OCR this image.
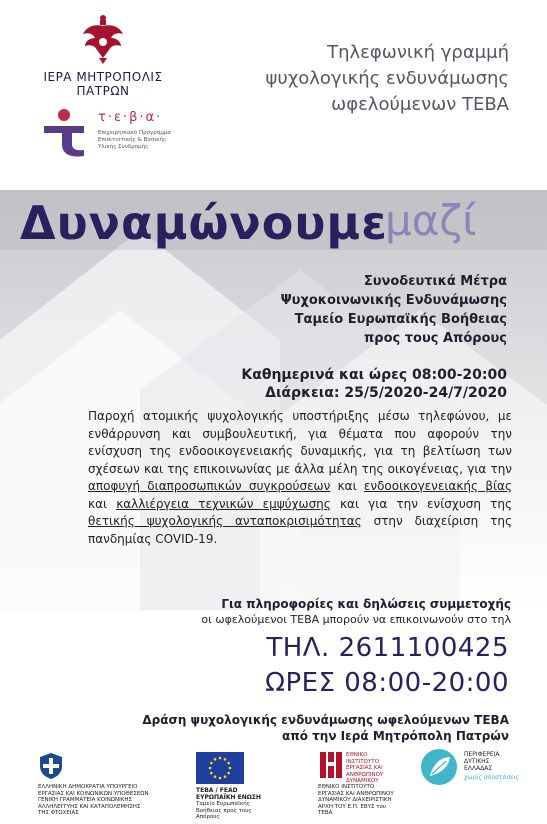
ΙΕΡΑ ΜΗΤΡΟΠΟΛΙΣ
ΠΑΤΡΩΝ
τ·ε·β·α·
Επιχειρησιακό Πρόγραμμα Επισιτιστικής & Βασικής Υλικής Συνδρομής
Τηλεφωνική γραμμή
ψυχολογικής ενδυνάμωσης
ωφελούμενων ΤΕΒΑ
Δυναμώνουμε
μαζί
Συνοδευτικά Μέτρα
Ψυχοκοινωνικής Ενδυνάμωσης
Ταμείο Ευρωπαϊκής Βοήθειας
προς τους Απόρους
Καθημερινά και ώρες 08:00-20:00
Διάρκεια: 25/5/2020-24/7/2020
Παροχή ατομικής ψυχολογικής υποστήριξης μέσω τηλεφώνου, με ενθάρρυνση και συμβουλευτική, για θέματα που αφορούν την ενίσχυση της ενδοοικογενειακής δυναμικής, για τη βελτίωση των σχέσεων και της επικοινωνίας με άλλα μέλη της οικογένειας, για την αποφυγή διαπροσωπικών συγκρούσεων και ενδοοικογενειακής βίας και καλλιέργεια τεχνικών εμψύχωσης και για την ενίσχυση της θετικής ψυχολογικής ανταποκρισιμότητας στην διαχείριση της πανδημίας COVID-19.
Για πληροφορίες και δηλώσεις συμμετοχής
οι ωφελούμενοι ΤΕΒΑ μπορούν να επικοινωνούν στο τηλ
ΤΗΛ. 2611100425
ΩΡΕΣ 08:00-20:00
Δράση ψυχολογικής ενδυνάμωσης ωφελούμενων ΤΕΒΑ
από την Ιερά Μητρόπολη Πατρών
ΕΛΛΗΝΙΚΗ ΔΗΜΟΚΡΑΤΙΑ ΥΠΟΥΡΓΕΙΟ ΕΡΓΑΣΙΑΣ ΚΑΙ ΚΟΙΝΩΝΙΚΩΝ ΥΠΟΘΕΣΕΩΝ ΓΕΝΙΚΗ ΓΡΑΜΜΑΤΕΙΑ ΚΟΙΝΩΝΙΚΗΣ ΑΛΛΗΛΕΓΓΥΗΣ ΚΑΙ ΚΑΤΑΠΟΛΕΜΗΣΗΣ ΤΗΣ ΦΤΩΧΕΙΑΣ
TEBA / FEAD
ΕΥΡΩΠΑΪΚΗ ΕΝΩΣΗ
Ταμείο Ευρωπαϊκής Βοήθειας προς τους Απόρους
ΕΘΝΙΚΟ ΙΝΣΤΙΤΟΥΤΟ ΕΡΓΑΣΙΑΣ ΚΑΙ ΑΝΘΡΩΠΙΝΟΥ ΔΥΝΑΜΙΚΟΥ
ΕΘΝΙΚΟ ΙΝΣΤΙΤΟΥΤΟ ΕΡΓΑΣΙΑΣ ΚΑΙ ΑΝΘΡΩΠΙΝΟΥ ΔΥΝΑΜΙΚΟΥ ΔΙΑΧΕΙΡΙΣΤΙΚΗ ΑΡΧΗ ΤΟΥ Ε.Π. ΕΒΥΣ του ΤΕΒΑ
ΠΕΡΙΦΕΡΕΙΑ
ΔΥΤΙΚΗΣ
ΕΛΛΑΔΑΣ
χωρίς αποστάσεις
